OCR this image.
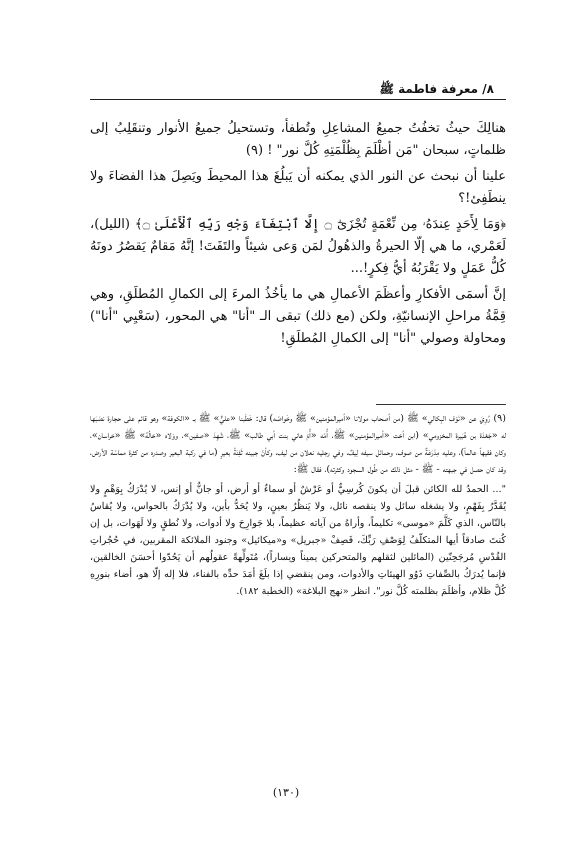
٨/ معرفة فاطمة ﷺ

هنالِكَ حيثُ تخفُتُ جميعُ المشاعِلِ وتُطفأ، وتستحيلُ جميعُ الأنوار وتنقَلِبُ إلى ظلماتٍ، سبحان "مَن أظْلَمَ بِظُلْمَتِهِ كُلَّ نور" ! (٩)

علينا أن نبحث عن النور الذي يمكنه أن يَبلُغَ هذا المحيطَ ويَصِلَ هذا الفضاءَ ولا ينطَفِئ!؟

﴿وَمَا لِأَحَدٍ عِندَهُۥ مِن نِّعْمَةٍ تُجْزَىٰٓ ۝ إِلَّا ٱبْتِغَآءَ وَجْهِ رَبِّهِ ٱلْأَعْلَىٰ ۝﴾ (الليل)، لَعَمْري، ما هي إلّا الحيرةُ والذهُولُ لمَن وَعى شيئاً والتَفَتَ! إنَّهُ مَقامٌ يَقصُرُ دونَهُ كُلُّ عَمَلٍ ولا يَقْرَبُهُ أيُّ فِكرٍ!...

إنَّ أسمَى الأفكارِ وأعظَمَ الأعمالِ هي ما يأخُذُ المرءَ إلى الكمالِ المُطلَقِ، وهي قِمَّةُ مراحلِ الإنسانيّةِ، ولكن (مع ذلك) تبقى الـ "أنا" هي المحور، (سَعْيِي "أنا") ومحاولة وصولي "أنا" إلى الكمالِ المُطلَقِ!

(٩) رُوِيَ عن «نَوْف البِكالي» ﷺ (من أصحاب مولانا «أميرالمؤمنين» ﷺ وخَواصّه) قال: خَطَبنا «عليٌّ» ﷺ بـ «الكوفة» وهو قائم على حجارة نصَبَها له «جَعْدَة بن هُبَيرة المخزومي» (ابن أخت «أميرالمؤمنين» ﷺ، أُمّه «أُمّ هاني بنت أبي طالب» ﷺ، شَهِدَ «صفين»، ووَلاه «خالُهُ» ﷺ «خراسان»، وكان فقيهاً عالماً)، وعليه مِدْرَعَةٌ من صوف، وحمائل سيفه لِيفٌ، وفي رجليه نعلان من ليف، وكأنّ جبينه ثَفِنَةُ بعيرٍ (ما في ركبة البعير وصدره من كثرة مماسّة الأرض، وقد كان حصل في جبهته - ﷺ - مثل ذلك من طُول السجود وكثرته)، فقال ﷺ:

"... الحمدُ لله الكائن قبلَ أن يكونَ كُرسِيٌّ أو عَرْشٌ أو سماءٌ أو أرض، أو جانٌّ أو إنس، لا يُدْرَكُ بِوَهْمٍ ولا يُقَدَّرُ بِفَهْمٍ، ولا يشغله سائل ولا ينقصه نائل، ولا يَنظُرُ بعينٍ، ولا يُحَدُّ بأين، ولا يُدْرَكُ بالحواس، ولا يُقاسُ بالنّاس، الذي كَلَّمَ «موسى» تكليماً، وأراهُ من آياته عظيماً، بلا جَوارِحَ ولا أدوات، ولا نُطقٍ ولا لَهَوات، بل إن كُنتَ صادقاً أيها المتكلّفُ لِوَصْفِ رَبِّكَ، فَصِفْ «جبريل» و«ميكائيل» وجنود الملائكة المقربين، في حُجُراتِ القُدْسِ مُرجَحِنّين (المائلين لثقلهم والمتحركين يميناً ويساراً)، مُتَولِّهةً عقولُهم أن يَحُدّوا أحسَنَ الخالقين، فإنما يُدرَكُ بالصِّفاتِ ذَوُو الهيئاتِ والأدوات، ومن ينقضي إذا بلَغَ أمَدَ حدِّه بالفناء، فلا إله إلّا هو، أضاء بنورِهِ كُلَّ ظلام، وأظلَمَ بظلمته كُلَّ نور". انظر «نهج البلاغة» (الخطبة ١٨٢).

(١٣٠)
